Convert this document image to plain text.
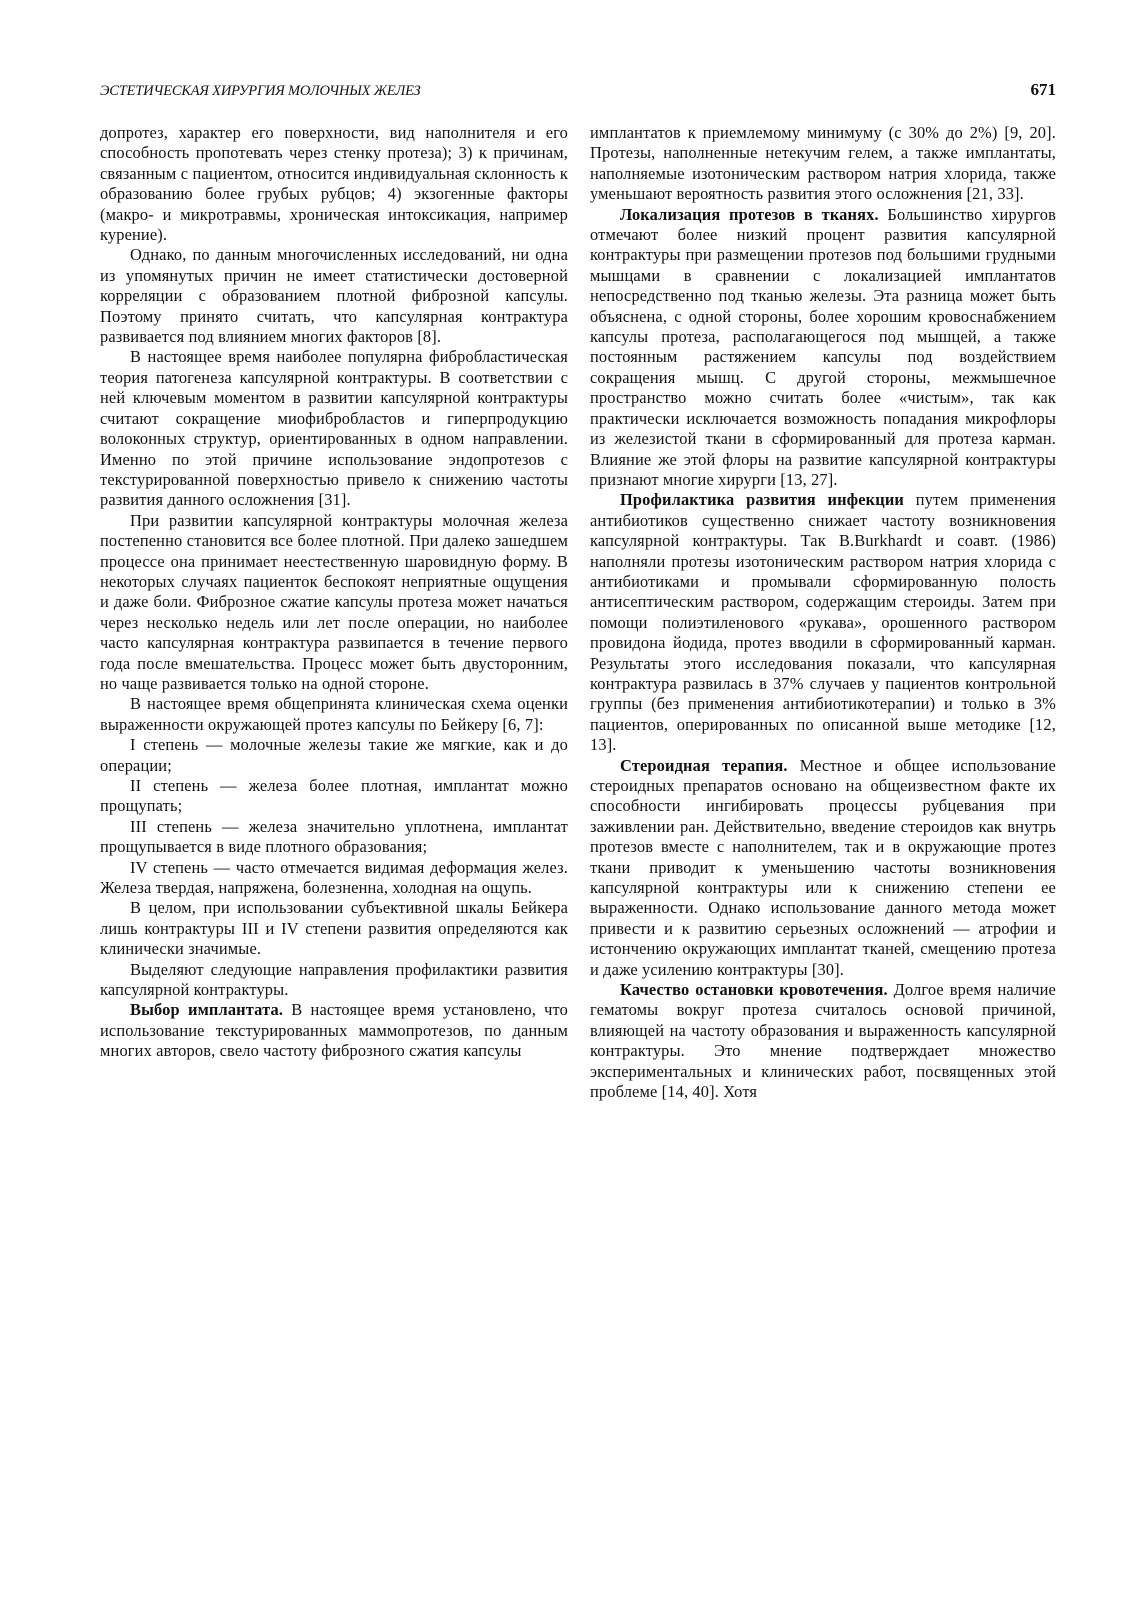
ЭСТЕТИЧЕСКАЯ ХИРУРГИЯ МОЛОЧНЫХ ЖЕЛЕЗ	671

допротез, характер его поверхности, вид наполнителя и его способность пропотевать через стенку протеза); 3) к причинам, связанным с пациентом, относится индивидуальная склонность к образованию более грубых рубцов; 4) экзогенные факторы (макро- и микротравмы, хроническая интоксикация, например курение).

Однако, по данным многочисленных исследований, ни одна из упомянутых причин не имеет статистически достоверной корреляции с образованием плотной фиброзной капсулы. Поэтому принято считать, что капсулярная контрактура развивается под влиянием многих факторов [8].

В настоящее время наиболее популярна фибробластическая теория патогенеза капсулярной контрактуры. В соответствии с ней ключевым моментом в развитии капсулярной контрактуры считают сокращение миофибробластов и гиперпродукцию волоконных структур, ориентированных в одном направлении. Именно по этой причине использование эндопротезов с текстурированной поверхностью привело к снижению частоты развития данного осложнения [31].

При развитии капсулярной контрактуры молочная железа постепенно становится все более плотной. При далеко зашедшем процессе она принимает неестественную шаровидную форму. В некоторых случаях пациенток беспокоят неприятные ощущения и даже боли. Фиброзное сжатие капсулы протеза может начаться через несколько недель или лет после операции, но наиболее часто капсулярная контрактура развипается в течение первого года после вмешательства. Процесс может быть двусторонним, но чаще развивается только на одной стороне.

В настоящее время общепринята клиническая схема оценки выраженности окружающей протез капсулы по Бейкеру [6, 7]:

I степень — молочные железы такие же мягкие, как и до операции;

II степень — железа более плотная, имплантат можно прощупать;

III степень — железа значительно уплотнена, имплантат прощупывается в виде плотного образования;

IV степень — часто отмечается видимая деформация желез. Железа твердая, напряжена, болезненна, холодная на ощупь.

В целом, при использовании субъективной шкалы Бейкера лишь контрактуры III и IV степени развития определяются как клинически значимые.

Выделяют следующие направления профилактики развития капсулярной контрактуры.

Выбор имплантата. В настоящее время установлено, что использование текстурированных маммопротезов, по данным многих авторов, свело частоту фиброзного сжатия капсулы

имплантатов к приемлемому минимуму (с 30% до 2%) [9, 20]. Протезы, наполненные нетекучим гелем, а также имплантаты, наполняемые изотоническим раствором натрия хлорида, также уменьшают вероятность развития этого осложнения [21, 33].

Локализация протезов в тканях. Большинство хирургов отмечают более низкий процент развития капсулярной контрактуры при размещении протезов под большими грудными мышцами в сравнении с локализацией имплантатов непосредственно под тканью железы. Эта разница может быть объяснена, с одной стороны, более хорошим кровоснабжением капсулы протеза, располагающегося под мышцей, а также постоянным растяжением капсулы под воздействием сокращения мышц. С другой стороны, межмышечное пространство можно считать более «чистым», так как практически исключается возможность попадания микрофлоры из железистой ткани в сформированный для протеза карман. Влияние же этой флоры на развитие капсулярной контрактуры признают многие хирурги [13, 27].

Профилактика развития инфекции путем применения антибиотиков существенно снижает частоту возникновения капсулярной контрактуры. Так B.Burkhardt и соавт. (1986) наполняли протезы изотоническим раствором натрия хлорида с антибиотиками и промывали сформированную полость антисептическим раствором, содержащим стероиды. Затем при помощи полиэтиленового «рукава», орошенного раствором провидона йодида, протез вводили в сформированный карман. Результаты этого исследования показали, что капсулярная контрактура развилась в 37% случаев у пациентов контрольной группы (без применения антибиотикотерапии) и только в 3% пациентов, оперированных по описанной выше методике [12, 13].

Стероидная терапия. Местное и общее использование стероидных препаратов основано на общеизвестном факте их способности ингибировать процессы рубцевания при заживлении ран. Действительно, введение стероидов как внутрь протезов вместе с наполнителем, так и в окружающие протез ткани приводит к уменьшению частоты возникновения капсулярной контрактуры или к снижению степени ее выраженности. Однако использование данного метода может привести и к развитию серьезных осложнений — атрофии и истончению окружающих имплантат тканей, смещению протеза и даже усилению контрактуры [30].

Качество остановки кровотечения. Долгое время наличие гематомы вокруг протеза считалось основой причиной, влияющей на частоту образования и выраженность капсулярной контрактуры. Это мнение подтверждает множество экспериментальных и клинических работ, посвященных этой проблеме [14, 40]. Хотя
